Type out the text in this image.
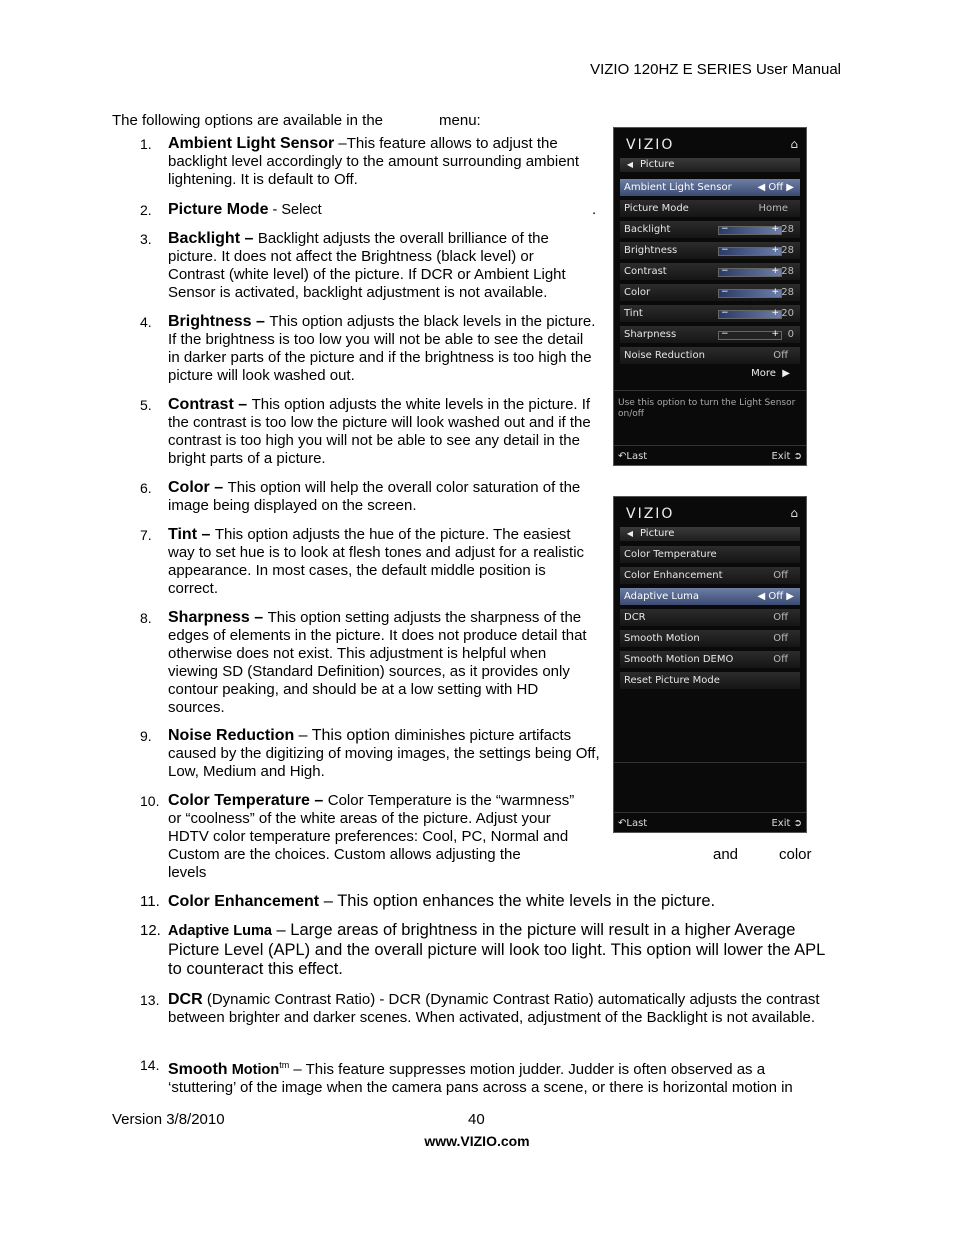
VIZIO 120HZ E SERIES User Manual
The following options are available in the	menu:
1. Ambient Light Sensor –This feature allows to adjust the backlight level accordingly to the amount surrounding ambient lightening. It is default to Off.
2. Picture Mode - Select	.
3. Backlight – Backlight adjusts the overall brilliance of the picture. It does not affect the Brightness (black level) or Contrast (white level) of the picture. If DCR or Ambient Light Sensor is activated, backlight adjustment is not available.
4. Brightness – This option adjusts the black levels in the picture. If the brightness is too low you will not be able to see the detail in darker parts of the picture and if the brightness is too high the picture will look washed out.
5. Contrast – This option adjusts the white levels in the picture. If the contrast is too low the picture will look washed out and if the contrast is too high you will not be able to see any detail in the bright parts of a picture.
6. Color – This option will help the overall color saturation of the image being displayed on the screen.
7. Tint – This option adjusts the hue of the picture. The easiest way to set hue is to look at flesh tones and adjust for a realistic appearance. In most cases, the default middle position is correct.
8. Sharpness – This option setting adjusts the sharpness of the edges of elements in the picture. It does not produce detail that otherwise does not exist. This adjustment is helpful when viewing SD (Standard Definition) sources, as it provides only contour peaking, and should be at a low setting with HD sources.
9. Noise Reduction – This option diminishes picture artifacts caused by the digitizing of moving images, the settings being Off, Low, Medium and High.
10. Color Temperature – Color Temperature is the “warmness” or “coolness” of the white areas of the picture. Adjust your HDTV color temperature preferences: Cool, PC, Normal and Custom are the choices. Custom allows adjusting the	and	color
levels
11. Color Enhancement – This option enhances the white levels in the picture.
12. Adaptive Luma – Large areas of brightness in the picture will result in a higher Average Picture Level (APL) and the overall picture will look too light. This option will lower the APL to counteract this effect.
13. DCR (Dynamic Contrast Ratio) - DCR (Dynamic Contrast Ratio) automatically adjusts the contrast between brighter and darker scenes. When activated, adjustment of the Backlight is not available.
14. Smooth Motion$^{tm}$ – This feature suppresses motion judder. Judder is often observed as a ‘stuttering’ of the image when the camera pans across a scene, or there is horizontal motion in
VIZIO	⌂
◀ Picture
Ambient Light Sensor	◀ Off ▶
Picture Mode	Home
Backlight	−	+ 28
Brightness	−	+ 28
Contrast	−	+ 28
Color	−	+ 28
Tint	−	+ 20
Sharpness	−	+ 0
Noise Reduction	Off
More ▶
Use this option to turn the Light Sensor on/off
↶Last	Exit ➲
VIZIO	⌂
◀ Picture
Color Temperature
Color Enhancement	Off
Adaptive Luma	◀ Off ▶
DCR	Off
Smooth Motion	Off
Smooth Motion DEMO	Off
Reset Picture Mode
↶Last	Exit ➲
Version 3/8/2010	40
www.VIZIO.com
